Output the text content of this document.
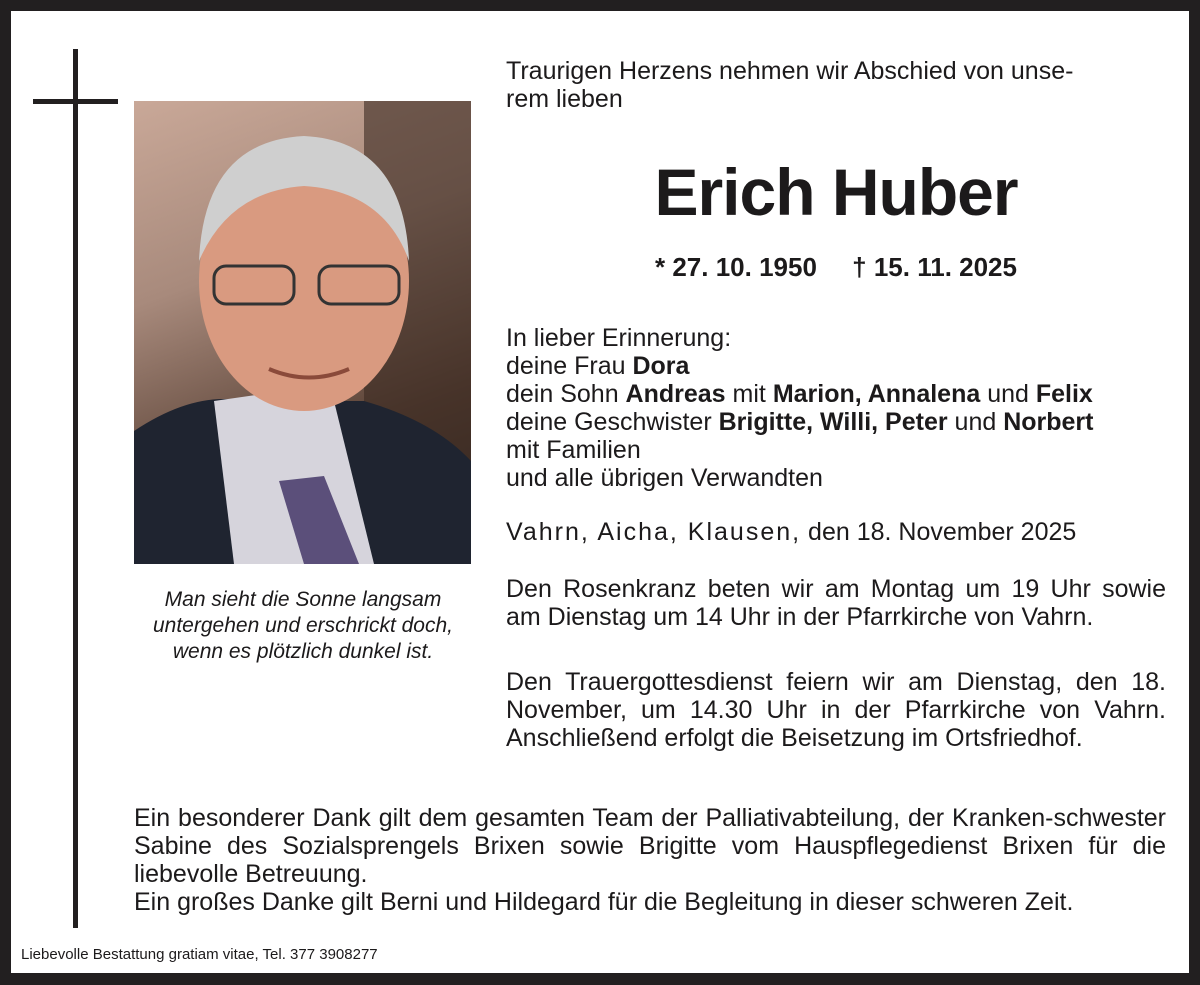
Traurigen Herzens nehmen wir Abschied von unse-
rem lieben
Erich Huber
* 27. 10. 1950 † 15. 11. 2025
In lieber Erinnerung:
deine Frau Dora
dein Sohn Andreas mit Marion, Annalena und Felix
deine Geschwister Brigitte, Willi, Peter und Norbert
mit Familien
und alle übrigen Verwandten
Vahrn, Aicha, Klausen, den 18. November 2025
Den Rosenkranz beten wir am Montag um 19 Uhr sowie am Dienstag um 14 Uhr in der Pfarrkirche von Vahrn.
Den Trauergottesdienst feiern wir am Dienstag, den 18. November, um 14.30 Uhr in der Pfarrkirche von Vahrn. Anschließend erfolgt die Beisetzung im Ortsfriedhof.
Man sieht die Sonne langsam untergehen und erschrickt doch, wenn es plötzlich dunkel ist.
Ein besonderer Dank gilt dem gesamten Team der Palliativabteilung, der Kranken-schwester Sabine des Sozialsprengels Brixen sowie Brigitte vom Hauspflegedienst Brixen für die liebevolle Betreuung.
Ein großes Danke gilt Berni und Hildegard für die Begleitung in dieser schweren Zeit.
Liebevolle Bestattung gratiam vitae, Tel. 377 3908277
